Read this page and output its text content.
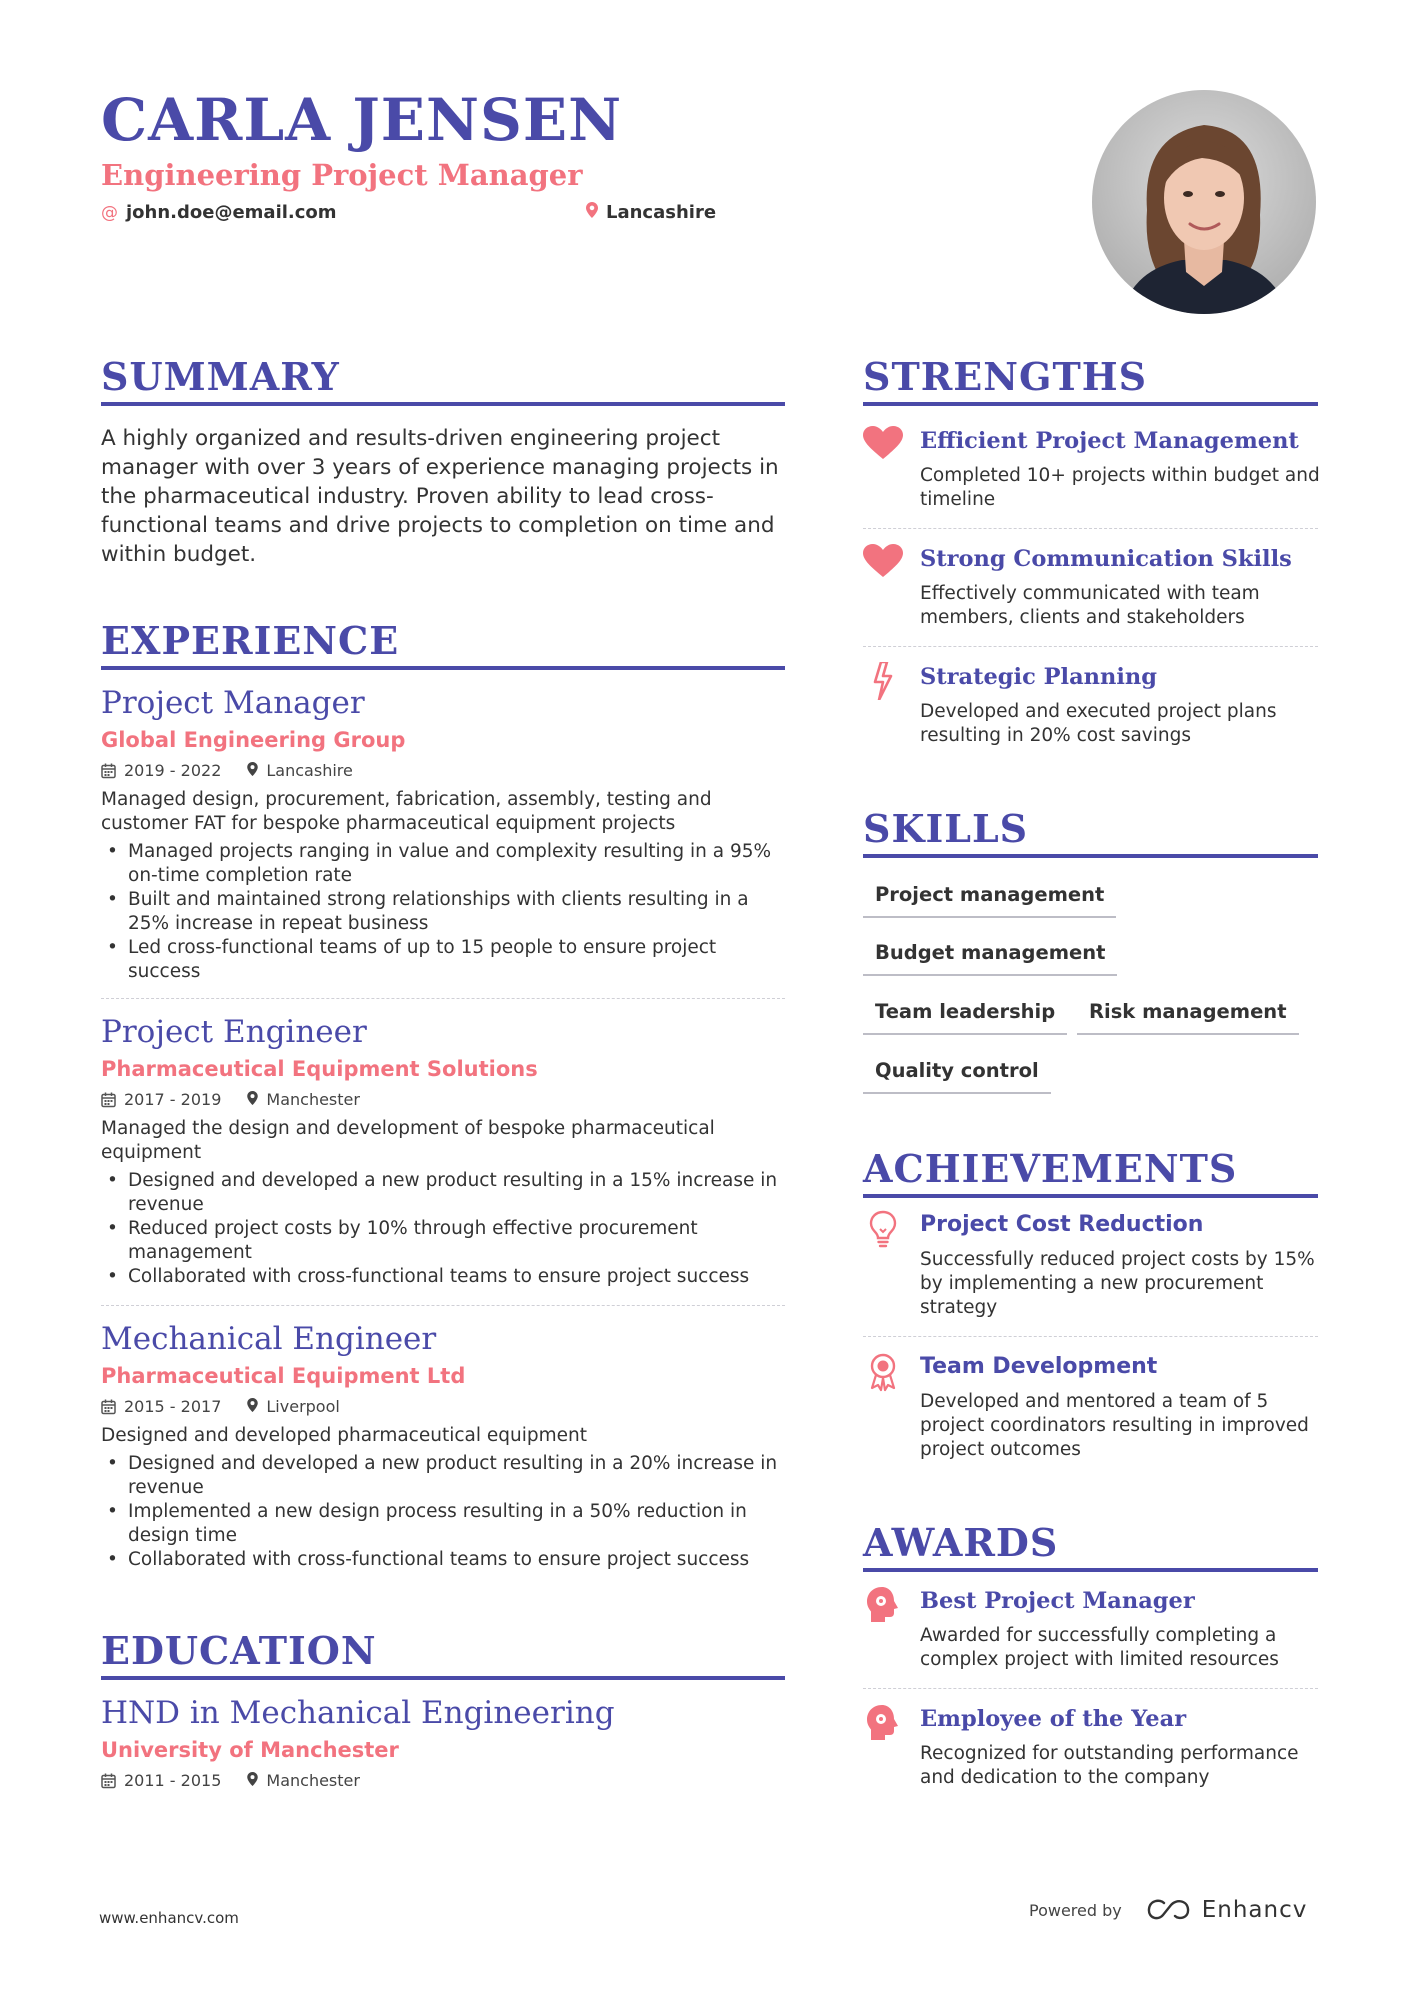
CARLA JENSEN
Engineering Project Manager
@ john.doe@email.com	Lancashire
SUMMARY
A highly organized and results-driven engineering project manager with over 3 years of experience managing projects in the pharmaceutical industry. Proven ability to lead cross-functional teams and drive projects to completion on time and within budget.
EXPERIENCE
Project Manager
Global Engineering Group
2019 - 2022	Lancashire
Managed design, procurement, fabrication, assembly, testing and customer FAT for bespoke pharmaceutical equipment projects
• Managed projects ranging in value and complexity resulting in a 95% on-time completion rate
• Built and maintained strong relationships with clients resulting in a 25% increase in repeat business
• Led cross-functional teams of up to 15 people to ensure project success
Project Engineer
Pharmaceutical Equipment Solutions
2017 - 2019	Manchester
Managed the design and development of bespoke pharmaceutical equipment
• Designed and developed a new product resulting in a 15% increase in revenue
• Reduced project costs by 10% through effective procurement management
• Collaborated with cross-functional teams to ensure project success
Mechanical Engineer
Pharmaceutical Equipment Ltd
2015 - 2017	Liverpool
Designed and developed pharmaceutical equipment
• Designed and developed a new product resulting in a 20% increase in revenue
• Implemented a new design process resulting in a 50% reduction in design time
• Collaborated with cross-functional teams to ensure project success
EDUCATION
HND in Mechanical Engineering
University of Manchester
2011 - 2015	Manchester
STRENGTHS
Efficient Project Management
Completed 10+ projects within budget and timeline
Strong Communication Skills
Effectively communicated with team members, clients and stakeholders
Strategic Planning
Developed and executed project plans resulting in 20% cost savings
SKILLS
Project management
Budget management
Team leadership	Risk management
Quality control
ACHIEVEMENTS
Project Cost Reduction
Successfully reduced project costs by 15% by implementing a new procurement strategy
Team Development
Developed and mentored a team of 5 project coordinators resulting in improved project outcomes
AWARDS
Best Project Manager
Awarded for successfully completing a complex project with limited resources
Employee of the Year
Recognized for outstanding performance and dedication to the company
www.enhancv.com	Powered by	Enhancv
